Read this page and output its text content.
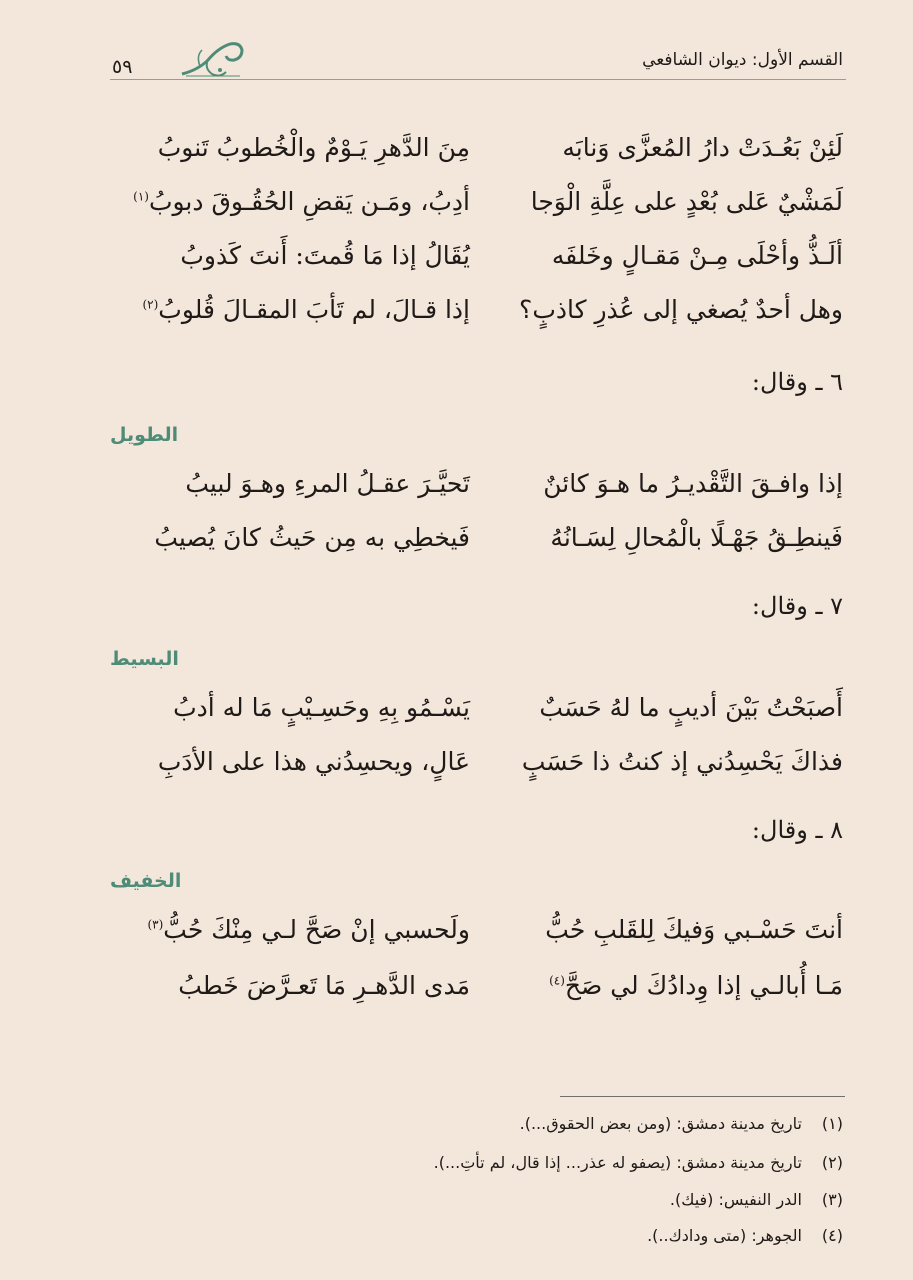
القسم الأول: ديوان الشافعي
٥٩
لَئِنْ بَعُـدَتْ دارُ المُعزَّى وَنابَه
مِنَ الدَّهرِ يَـوْمٌ والْخُطوبُ تَنوبُ
لَمَشْيٌ عَلى بُعْدٍ على عِلَّةِ الْوَجا
أدِبُ، ومَـن يَقضِ الحُقُـوقَ دبوبُ$^{(١)}$
ألَـذُّ وأحْلَى مِـنْ مَقـالٍ وخَلفَه
يُقَالُ إذا مَا قُمتَ: أَنتَ كَذوبُ
وهل أحدٌ يُصغي إلى عُذرِ كاذبٍ؟
إذا قـالَ، لم تَأبَ المقـالَ قُلوبُ$^{(٢)}$
٦ ـ وقال:
الطويل
إذا وافـقَ التَّقْديـرُ ما هـوَ كائنٌ
تَحيَّـرَ عقـلُ المرءِ وهـوَ لبيبُ
فَينطِـقُ جَهْـلًا بالْمُحالِ لِسَـانُهُ
فَيخطِي به مِن حَيثُ كانَ يُصيبُ
٧ ـ وقال:
البسيط
أَصبَحْتُ بَيْنَ أديبٍ ما لهُ حَسَبٌ
يَسْـمُو بِهِ وحَسِـيْبٍ مَا له أدبُ
فذاكَ يَحْسِدُني إذ كنتُ ذا حَسَبٍ
عَالٍ، ويحسِدُني هذا على الأدَبِ
٨ ـ وقال:
الخفيف
أنتَ حَسْـبي وَفيكَ لِلقَلبِ حُبُّ
ولَحسبي إنْ صَحَّ لـي مِنْكَ حُبُّ$^{(٣)}$
مَـا أُبالـي إذا وِدادُكَ لي صَحَّ$^{(٤)}$
مَدى الدَّهـرِ مَا تَعـرَّضَ خَطبُ
(١) تاريخ مدينة دمشق: (ومن بعض الحقوق...).
(٢) تاريخ مدينة دمشق: (يصفو له عذر... إذا قال، لم تأتِ...).
(٣) الدر النفيس: (فيك).
(٤) الجوهر: (متى ودادك..).
